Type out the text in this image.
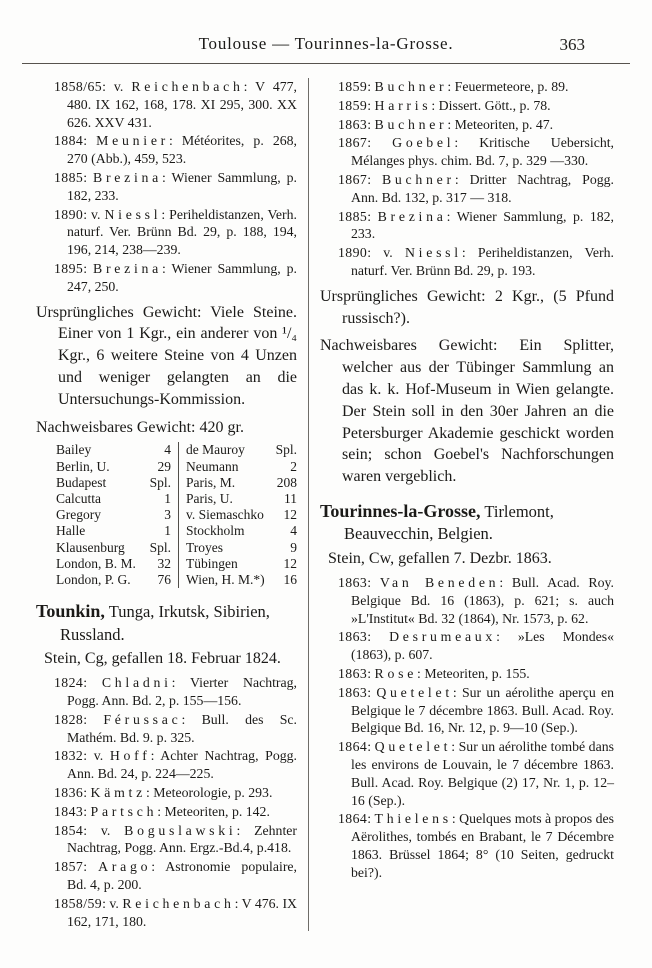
Toulouse — Tourinnes-la-Grosse.	363

1858/65: v. Reichenbach: V 477, 480. IX 162, 168, 178. XI 295, 300. XX 626. XXV 431.

1884: Meunier: Météorites, p. 268, 270 (Abb.), 459, 523.

1885: Brezina: Wiener Sammlung, p. 182, 233.

1890: v. Niessl: Periheldistanzen, Verh. naturf. Ver. Brünn Bd. 29, p. 188, 194, 196, 214, 238—239.

1895: Brezina: Wiener Sammlung, p. 247, 250.

Ursprüngliches Gewicht: Viele Steine. Einer von 1 Kgr., ein anderer von ¹/₄ Kgr., 6 weitere Steine von 4 Unzen und weniger gelangten an die Untersuchungs-Kommission.

Nachweisbares Gewicht: 420 gr.

Bailey	4
Berlin, U.	29
Budapest	Spl.
Calcutta	1
Gregory	3
Halle	1
Klausenburg Spl.
London, B. M. 32
London, P. G. 76
de Mauroy Spl.
Neumann	2
Paris, M.	208
Paris, U.	11
v. Siemaschko 12
Stockholm	4
Troyes	9
Tübingen	12
Wien, H. M.*) 16

Tounkin, Tunga, Irkutsk, Sibirien, Russland.

Stein, Cg, gefallen 18. Februar 1824.

1824: Chladni: Vierter Nachtrag, Pogg. Ann. Bd. 2, p. 155—156.

1828: Férussac: Bull. des Sc. Mathém. Bd. 9. p. 325.

1832: v. Hoff: Achter Nachtrag, Pogg. Ann. Bd. 24, p. 224—225.

1836: Kämtz: Meteorologie, p. 293.

1843: Partsch: Meteoriten, p. 142.

1854: v. Boguslawski: Zehnter Nachtrag, Pogg. Ann. Ergz.-Bd.4, p.418.

1857: Arago: Astronomie populaire, Bd. 4, p. 200.

1858/59: v. Reichenbach: V 476. IX 162, 171, 180.

1859: Buchner: Feuermeteore, p. 89.

1859: Harris: Dissert. Gött., p. 78.

1863: Buchner: Meteoriten, p. 47.

1867: Goebel: Kritische Uebersicht, Mélanges phys. chim. Bd. 7, p. 329 —330.

1867: Buchner: Dritter Nachtrag, Pogg. Ann. Bd. 132, p. 317 — 318.

1885: Brezina: Wiener Sammlung, p. 182, 233.

1890: v. Niessl: Periheldistanzen, Verh. naturf. Ver. Brünn Bd. 29, p. 193.

Ursprüngliches Gewicht: 2 Kgr., (5 Pfund russisch?).

Nachweisbares Gewicht: Ein Splitter, welcher aus der Tübinger Sammlung an das k. k. Hof-Museum in Wien gelangte. Der Stein soll in den 30er Jahren an die Petersburger Akademie geschickt worden sein; schon Goebel's Nachforschungen waren vergeblich.

Tourinnes-la-Grosse, Tirlemont, Beauvecchin, Belgien.

Stein, Cw, gefallen 7. Dezbr. 1863.

1863: Van Beneden: Bull. Acad. Roy. Belgique Bd. 16 (1863), p. 621; s. auch »L'Institut« Bd. 32 (1864), Nr. 1573, p. 62.

1863: Desrumeaux: »Les Mondes« (1863), p. 607.

1863: Rose: Meteoriten, p. 155.

1863: Quetelet: Sur un aérolithe aperçu en Belgique le 7 décembre 1863. Bull. Acad. Roy. Belgique Bd. 16, Nr. 12, p. 9—10 (Sep.).

1864: Quetelet: Sur un aérolithe tombé dans les environs de Louvain, le 7 décembre 1863. Bull. Acad. Roy. Belgique (2) 17, Nr. 1, p. 12–16 (Sep.).

1864: Thielens: Quelques mots à propos des Aërolithes, tombés en Brabant, le 7 Décembre 1863. Brüssel 1864; 8° (10 Seiten, gedruckt bei?).
